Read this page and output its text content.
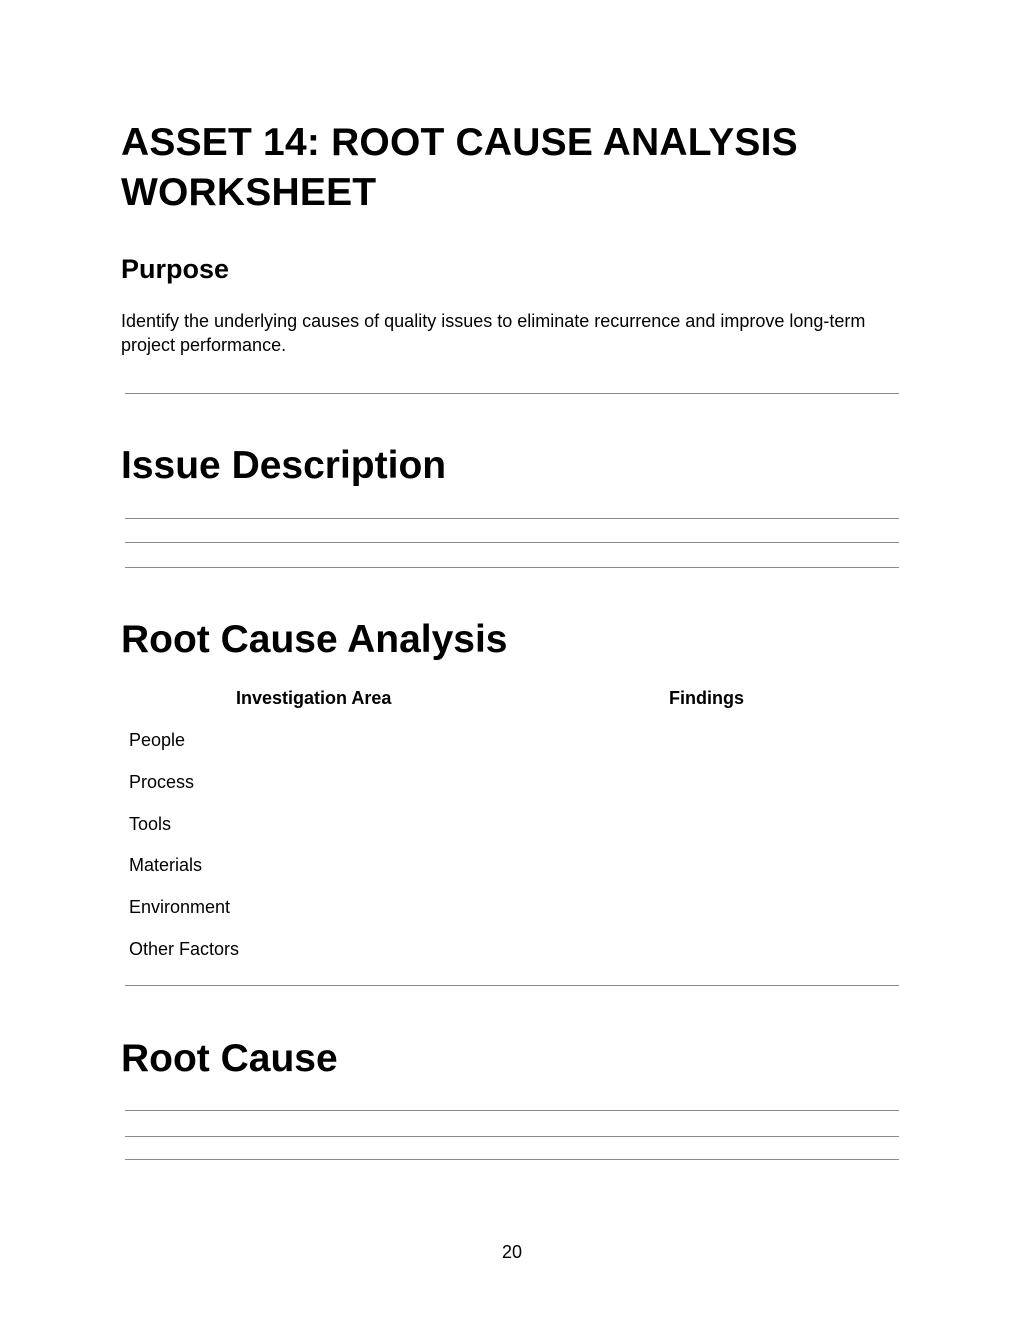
ASSET 14: ROOT CAUSE ANALYSIS WORKSHEET
Purpose

Identify the underlying causes of quality issues to eliminate recurrence and improve long-term project performance.

Issue Description
Root Cause Analysis
Investigation Area	Findings
People
Process
Tools
Materials
Environment
Other Factors
Root Cause
20
